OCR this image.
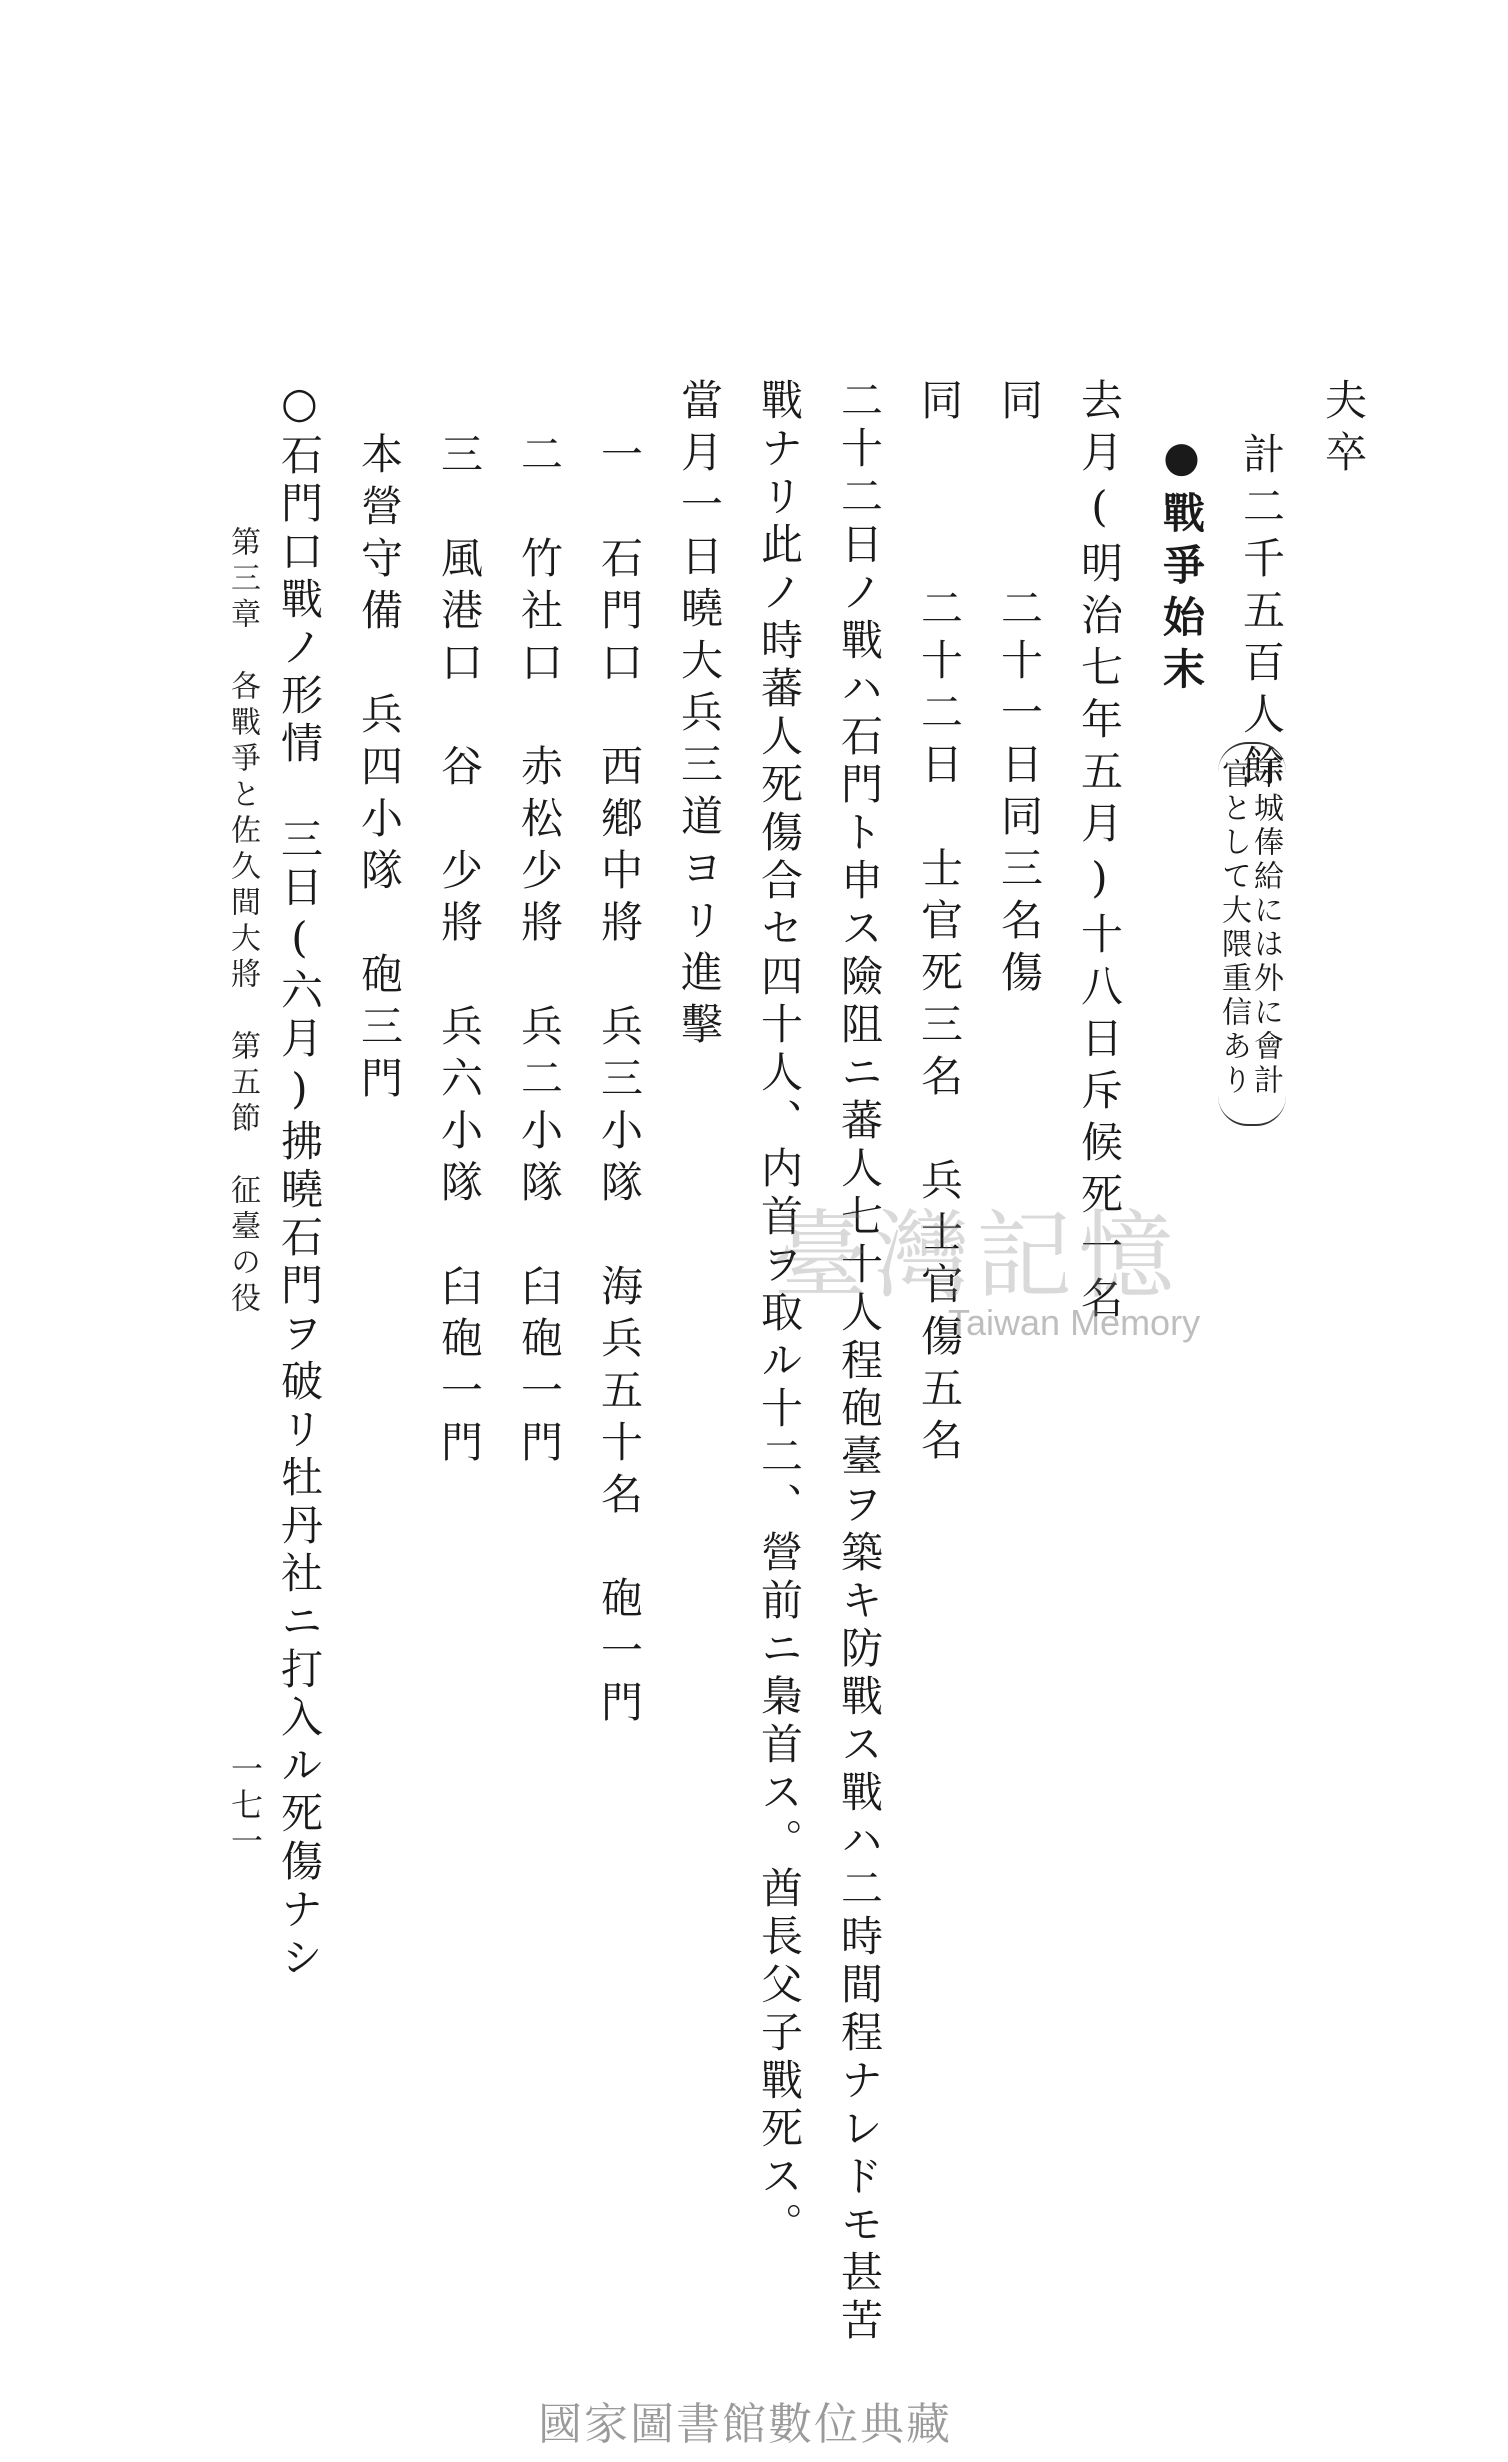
夫卒
計二千五百人餘
●戰爭始末
去月(明治七年五月)十八日斥候死一名
同　　　二十一日同三名傷
同　　　二十二日　士官死三名　兵士官傷五名
二十二日ノ戰ハ石門ト申ス險阻ニ蕃人七十人程砲臺ヲ築キ防戰ス戰ハ二時間程ナレドモ甚苦
戰ナリ此ノ時蕃人死傷合セ四十人、内首ヲ取ル十二、營前ニ梟首ス。酋長父子戰死ス。
當月一日曉大兵三道ヨリ進擊
一　石門口　西鄕中將　兵三小隊　海兵五十名　砲一門
二　竹社口　赤松少將　兵二小隊　臼砲一門
三　風港口　谷　少將　兵六小隊　臼砲一門
本營守備　兵四小隊　砲三門
○石門口戰ノ形情　三日(六月)拂曉石門ヲ破リ牡丹社ニ打入ル死傷ナシ	干城俸給には外に會計
官として大隈重信あり
第三章　各戰爭と佐久間大將　第五節　征臺の役
一七一
臺灣記憶
Taiwan Memory
國家圖書館數位典藏
